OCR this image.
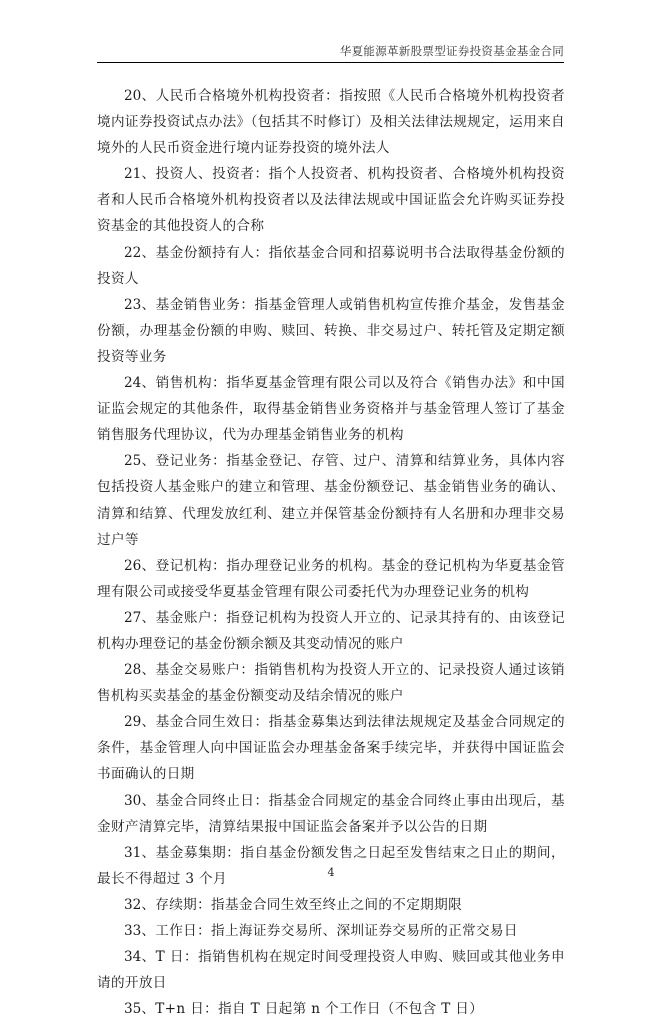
华夏能源革新股票型证券投资基金基金合同

20、人民币合格境外机构投资者：指按照《人民币合格境外机构投资者境内证券投资试点办法》（包括其不时修订）及相关法律法规规定，运用来自境外的人民币资金进行境内证券投资的境外法人

21、投资人、投资者：指个人投资者、机构投资者、合格境外机构投资者和人民币合格境外机构投资者以及法律法规或中国证监会允许购买证券投资基金的其他投资人的合称

22、基金份额持有人：指依基金合同和招募说明书合法取得基金份额的投资人

23、基金销售业务：指基金管理人或销售机构宣传推介基金，发售基金份额，办理基金份额的申购、赎回、转换、非交易过户、转托管及定期定额投资等业务

24、销售机构：指华夏基金管理有限公司以及符合《销售办法》和中国证监会规定的其他条件，取得基金销售业务资格并与基金管理人签订了基金销售服务代理协议，代为办理基金销售业务的机构

25、登记业务：指基金登记、存管、过户、清算和结算业务，具体内容包括投资人基金账户的建立和管理、基金份额登记、基金销售业务的确认、清算和结算、代理发放红利、建立并保管基金份额持有人名册和办理非交易过户等

26、登记机构：指办理登记业务的机构。基金的登记机构为华夏基金管理有限公司或接受华夏基金管理有限公司委托代为办理登记业务的机构

27、基金账户：指登记机构为投资人开立的、记录其持有的、由该登记机构办理登记的基金份额余额及其变动情况的账户

28、基金交易账户：指销售机构为投资人开立的、记录投资人通过该销售机构买卖基金的基金份额变动及结余情况的账户

29、基金合同生效日：指基金募集达到法律法规规定及基金合同规定的条件，基金管理人向中国证监会办理基金备案手续完毕，并获得中国证监会书面确认的日期

30、基金合同终止日：指基金合同规定的基金合同终止事由出现后，基金财产清算完毕，清算结果报中国证监会备案并予以公告的日期

31、基金募集期：指自基金份额发售之日起至发售结束之日止的期间，最长不得超过 3 个月

32、存续期：指基金合同生效至终止之间的不定期期限

33、工作日：指上海证券交易所、深圳证券交易所的正常交易日

34、T 日：指销售机构在规定时间受理投资人申购、赎回或其他业务申请的开放日

35、T+n 日：指自 T 日起第 n 个工作日（不包含 T 日）

4
